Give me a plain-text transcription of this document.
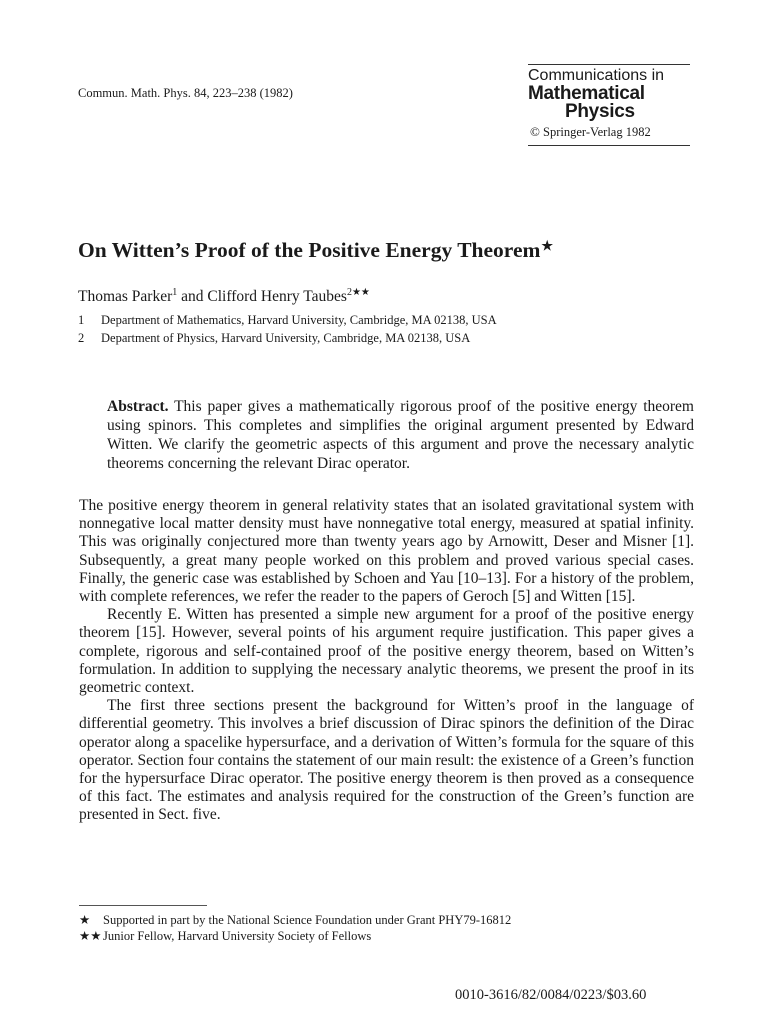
Commun. Math. Phys. 84, 223–238 (1982)
Communications in
Mathematical
Physics
© Springer-Verlag 1982
On Witten’s Proof of the Positive Energy Theorem★
Thomas Parker$^1$ and Clifford Henry Taubes$^{2★★}$
1 Department of Mathematics, Harvard University, Cambridge, MA 02138, USA
2 Department of Physics, Harvard University, Cambridge, MA 02138, USA
Abstract. This paper gives a mathematically rigorous proof of the positive energy theorem using spinors. This completes and simplifies the original argument presented by Edward Witten. We clarify the geometric aspects of this argument and prove the necessary analytic theorems concerning the relevant Dirac operator.

The positive energy theorem in general relativity states that an isolated gravitational system with nonnegative local matter density must have nonnegative total energy, measured at spatial infinity. This was originally conjectured more than twenty years ago by Arnowitt, Deser and Misner [1]. Subsequently, a great many people worked on this problem and proved various special cases. Finally, the generic case was established by Schoen and Yau [10–13]. For a history of the problem, with complete references, we refer the reader to the papers of Geroch [5] and Witten [15].

Recently E. Witten has presented a simple new argument for a proof of the positive energy theorem [15]. However, several points of his argument require justification. This paper gives a complete, rigorous and self-contained proof of the positive energy theorem, based on Witten’s formulation. In addition to supplying the necessary analytic theorems, we present the proof in its geometric context.

The first three sections present the background for Witten’s proof in the language of differential geometry. This involves a brief discussion of Dirac spinors the definition of the Dirac operator along a spacelike hypersurface, and a derivation of Witten’s formula for the square of this operator. Section four contains the statement of our main result: the existence of a Green’s function for the hypersurface Dirac operator. The positive energy theorem is then proved as a consequence of this fact. The estimates and analysis required for the construction of the Green’s function are presented in Sect. five.

★ Supported in part by the National Science Foundation under Grant PHY79-16812
★★ Junior Fellow, Harvard University Society of Fellows
0010-3616/82/0084/0223/$03.60
